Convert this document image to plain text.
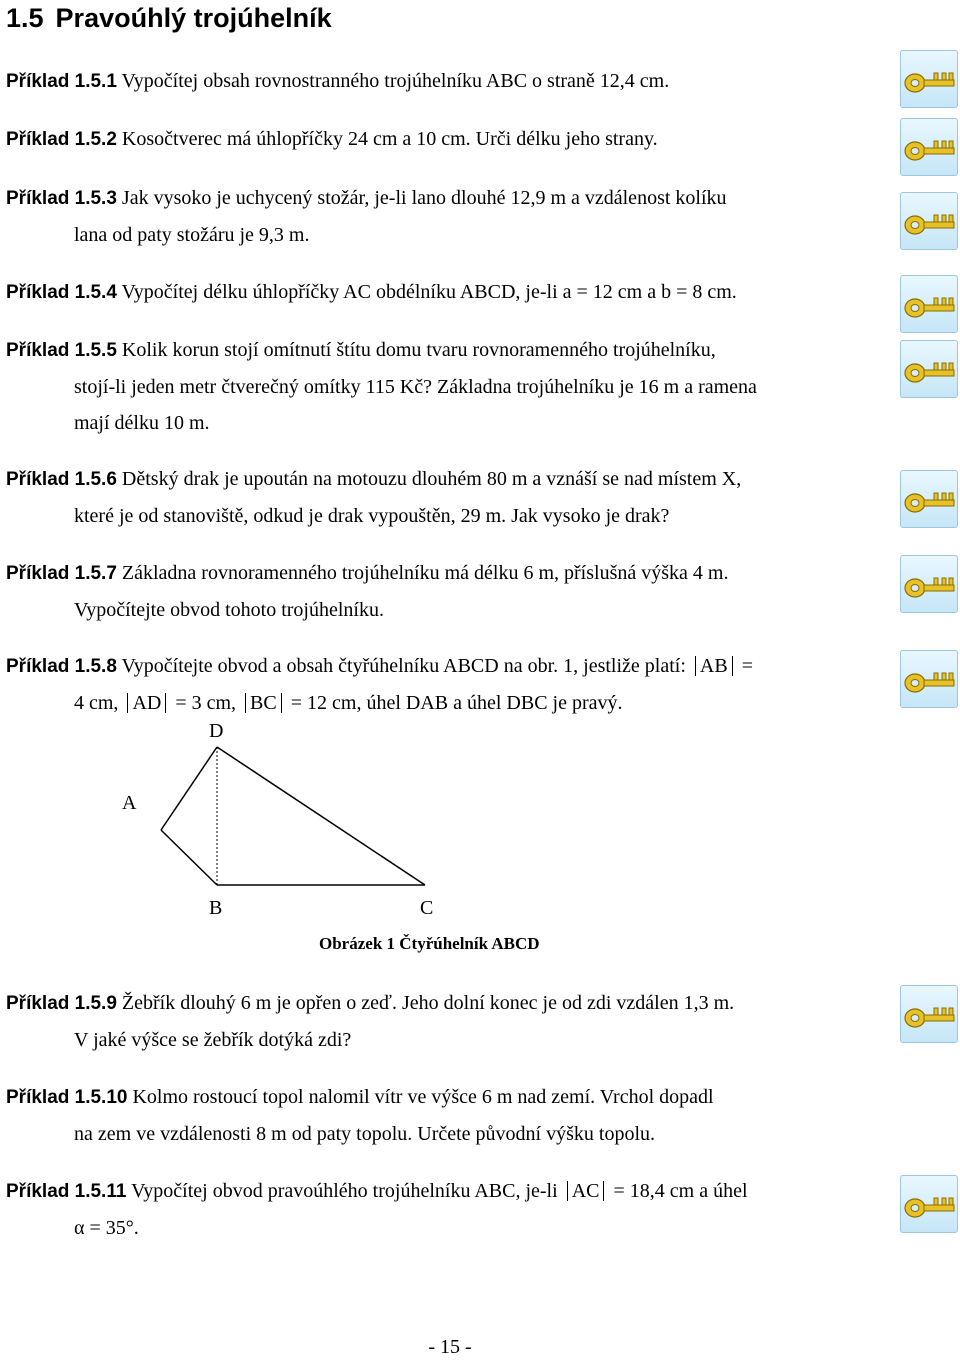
1.5 Pravoúhlý trojúhelník
Příklad 1.5.1 Vypočítej obsah rovnostranného trojúhelníku ABC o straně 12,4 cm.
Příklad 1.5.2 Kosočtverec má úhlopříčky 24 cm a 10 cm. Urči délku jeho strany.
Příklad 1.5.3 Jak vysoko je uchycený stožár, je-li lano dlouhé 12,9 m a vzdálenost kolíku
lana od paty stožáru je 9,3 m.
Příklad 1.5.4 Vypočítej délku úhlopříčky AC obdélníku ABCD, je-li a = 12 cm a b = 8 cm.
Příklad 1.5.5 Kolik korun stojí omítnutí štítu domu tvaru rovnoramenného trojúhelníku,
stojí-li jeden metr čtverečný omítky 115 Kč? Základna trojúhelníku je 16 m a ramena
mají délku 10 m.
Příklad 1.5.6 Dětský drak je upoután na motouzu dlouhém 80 m a vznáší se nad místem X,
které je od stanoviště, odkud je drak vypouštěn, 29 m. Jak vysoko je drak?
Příklad 1.5.7 Základna rovnoramenného trojúhelníku má délku 6 m, příslušná výška 4 m.
Vypočítejte obvod tohoto trojúhelníku.
Příklad 1.5.8 Vypočítejte obvod a obsah čtyřúhelníku ABCD na obr. 1, jestliže platí: AB =
4 cm, AD = 3 cm, BC = 12 cm, úhel DAB a úhel DBC je pravý.
D
A
B	C
Obrázek 1 Čtyřúhelník ABCD
Příklad 1.5.9 Žebřík dlouhý 6 m je opřen o zeď. Jeho dolní konec je od zdi vzdálen 1,3 m.
V jaké výšce se žebřík dotýká zdi?
Příklad 1.5.10 Kolmo rostoucí topol nalomil vítr ve výšce 6 m nad zemí. Vrchol dopadl
na zem ve vzdálenosti 8 m od paty topolu. Určete původní výšku topolu.
Příklad 1.5.11 Vypočítej obvod pravoúhlého trojúhelníku ABC, je-li AC = 18,4 cm a úhel
α = 35°.
- 15 -
